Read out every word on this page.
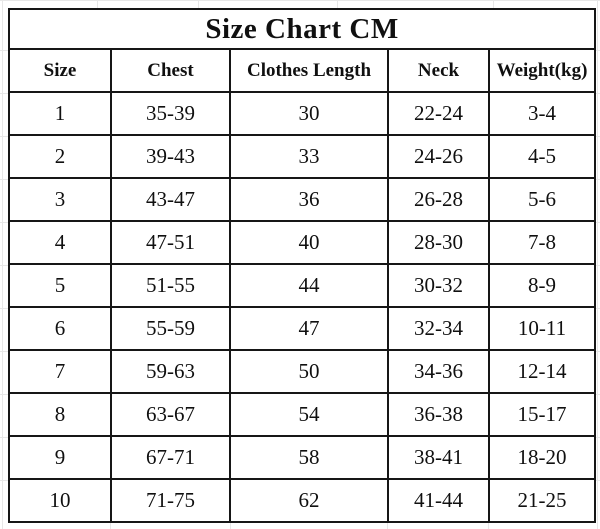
Size Chart CM				
Size	Chest	Clothes Length	Neck	Weight(kg)
1	35-39	30	22-24	3-4
2	39-43	33	24-26	4-5
3	43-47	36	26-28	5-6
4	47-51	40	28-30	7-8
5	51-55	44	30-32	8-9
6	55-59	47	32-34	10-11
7	59-63	50	34-36	12-14
8	63-67	54	36-38	15-17
9	67-71	58	38-41	18-20
10	71-75	62	41-44	21-25
